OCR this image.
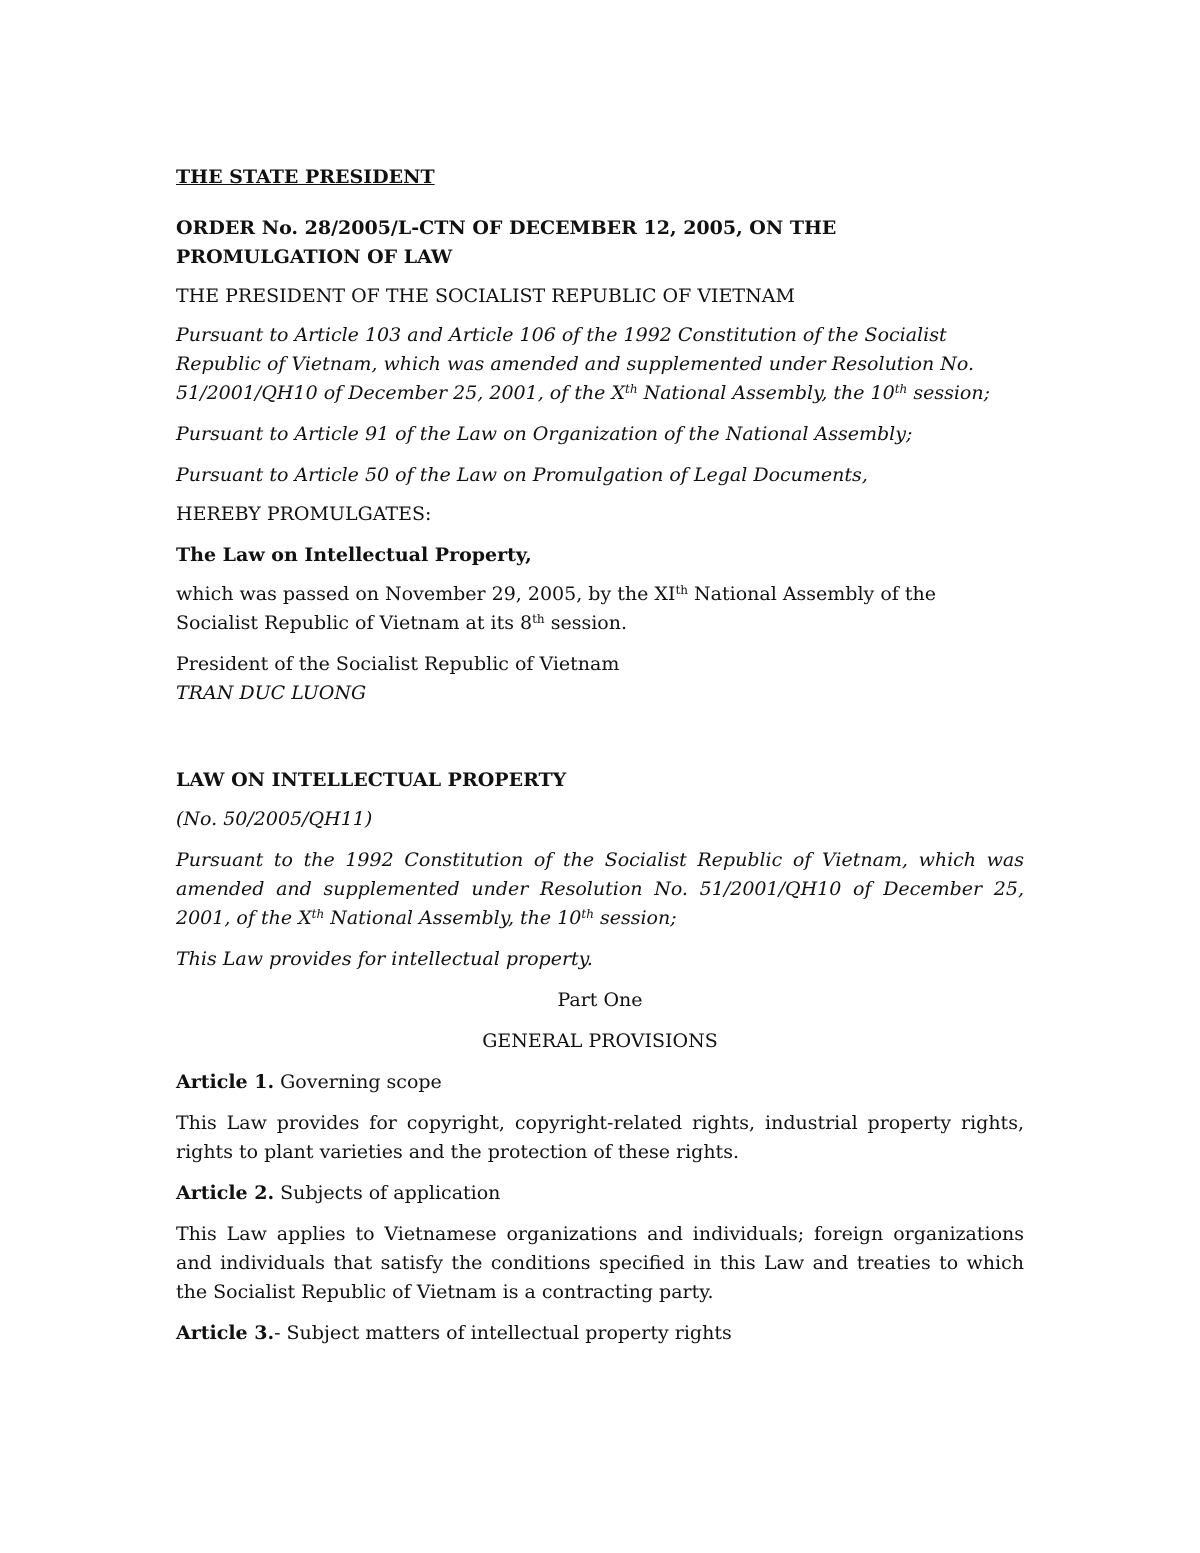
THE STATE PRESIDENT

ORDER No. 28/2005/L-CTN OF DECEMBER 12, 2005, ON THE PROMULGATION OF LAW

THE PRESIDENT OF THE SOCIALIST REPUBLIC OF VIETNAM

Pursuant to Article 103 and Article 106 of the 1992 Constitution of the Socialist Republic of Vietnam, which was amended and supplemented under Resolution No. 51/2001/QH10 of December 25, 2001, of the Xth National Assembly, the 10th session;

Pursuant to Article 91 of the Law on Organization of the National Assembly;

Pursuant to Article 50 of the Law on Promulgation of Legal Documents,

HEREBY PROMULGATES:

The Law on Intellectual Property,

which was passed on November 29, 2005, by the XIth National Assembly of the Socialist Republic of Vietnam at its 8th session.

President of the Socialist Republic of Vietnam

TRAN DUC LUONG

LAW ON INTELLECTUAL PROPERTY

(No. 50/2005/QH11)

Pursuant to the 1992 Constitution of the Socialist Republic of Vietnam, which was amended and supplemented under Resolution No. 51/2001/QH10 of December 25, 2001, of the Xth National Assembly, the 10th session;

This Law provides for intellectual property.

Part One

GENERAL PROVISIONS

Article 1. Governing scope

This Law provides for copyright, copyright-related rights, industrial property rights, rights to plant varieties and the protection of these rights.

Article 2. Subjects of application

This Law applies to Vietnamese organizations and individuals; foreign organizations and individuals that satisfy the conditions specified in this Law and treaties to which the Socialist Republic of Vietnam is a contracting party.

Article 3.- Subject matters of intellectual property rights
